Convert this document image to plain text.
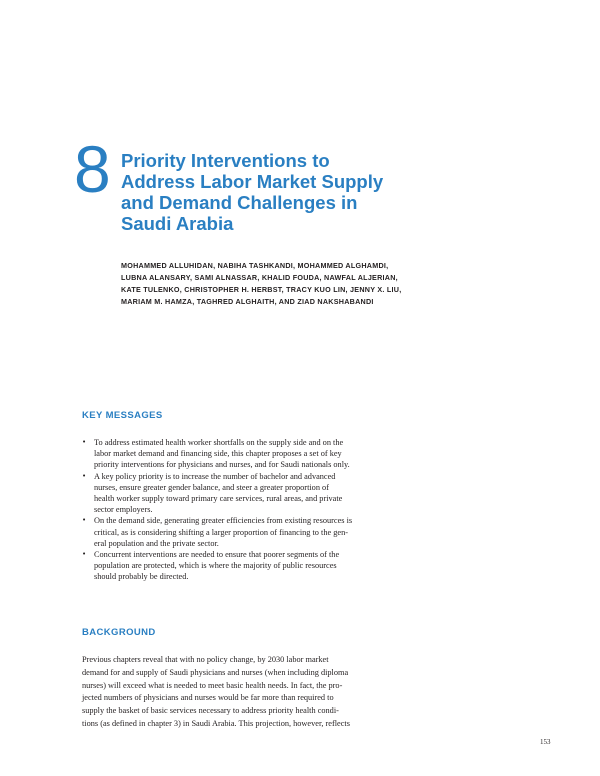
8 Priority Interventions to
Address Labor Market Supply
and Demand Challenges in
Saudi Arabia

MOHAMMED ALLUHIDAN, NABIHA TASHKANDI, MOHAMMED ALGHAMDI,
LUBNA ALANSARY, SAMI ALNASSAR, KHALID FOUDA, NAWFAL ALJERIAN,
KATE TULENKO, CHRISTOPHER H. HERBST, TRACY KUO LIN, JENNY X. LIU,
MARIAM M. HAMZA, TAGHRED ALGHAITH, AND ZIAD NAKSHABANDI

KEY MESSAGES
• To address estimated health worker shortfalls on the supply side and on the
labor market demand and financing side, this chapter proposes a set of key
priority interventions for physicians and nurses, and for Saudi nationals only.
• A key policy priority is to increase the number of bachelor and advanced
nurses, ensure greater gender balance, and steer a greater proportion of
health worker supply toward primary care services, rural areas, and private
sector employers.
• On the demand side, generating greater efficiencies from existing resources is
critical, as is considering shifting a larger proportion of financing to the gen-
eral population and the private sector.
• Concurrent interventions are needed to ensure that poorer segments of the
population are protected, which is where the majority of public resources
should probably be directed.
BACKGROUND

Previous chapters reveal that with no policy change, by 2030 labor market
demand for and supply of Saudi physicians and nurses (when including diploma
nurses) will exceed what is needed to meet basic health needs. In fact, the pro-
jected numbers of physicians and nurses would be far more than required to
supply the basket of basic services necessary to address priority health condi-
tions (as defined in chapter 3) in Saudi Arabia. This projection, however, reflects

153
